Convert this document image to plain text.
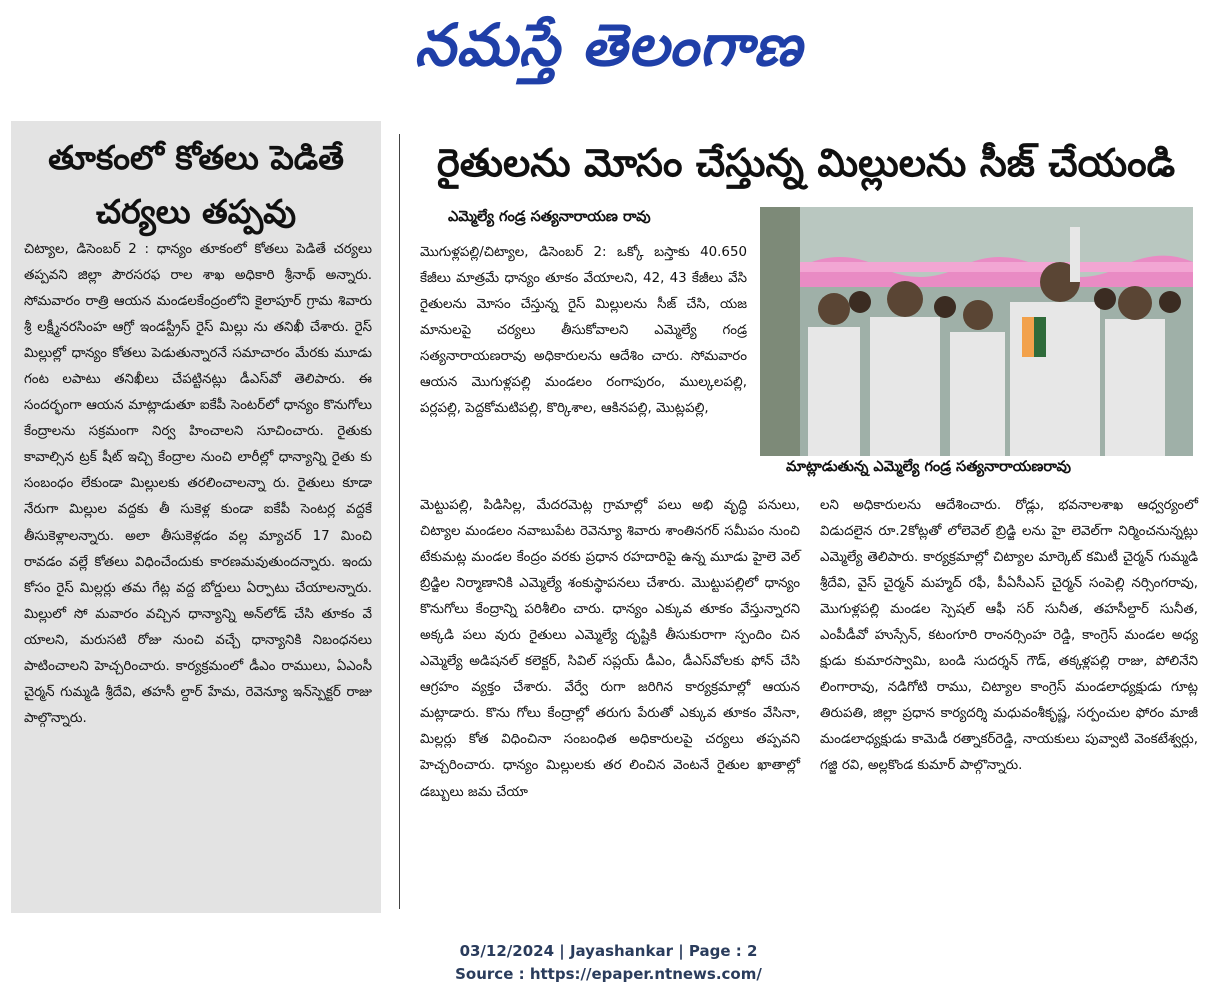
నమస్తే తెలంగాణ
తూకంలో కోతలు పెడితే చర్యలు తప్పవు
చిట్యాల, డిసెంబర్ 2 : ధాన్యం తూకంలో కోతలు పెడితే చర్యలు తప్పవని జిల్లా పౌరసరఫ రాల శాఖ అధికారి శ్రీనాథ్ అన్నారు. సోమవారం రాత్రి ఆయన మండలకేంద్రంలోని కైలాపూర్ గ్రామ శివారు శ్రీ లక్ష్మీనరసింహ ఆగ్రో ఇండస్ట్రీస్ రైస్ మిల్లు ను తనిఖీ చేశారు. రైస్ మిల్లుల్లో ధాన్యం కోతలు పెడుతున్నారనే సమాచారం మేరకు మూడు గంట లపాటు తనిఖీలు చేపట్టినట్లు డీఎస్‌వో తెలిపారు. ఈ సందర్భంగా ఆయన మాట్లాడుతూ ఐకేపీ సెంటర్‌లో ధాన్యం కొనుగోలు కేంద్రాలను సక్రమంగా నిర్వ హించాలని సూచించారు. రైతుకు కావాల్సిన ట్రక్ షీట్ ఇచ్చి కేంద్రాల నుంచి లారీల్లో ధాన్యాన్ని రైతు కు సంబంధం లేకుండా మిల్లులకు తరలించాలన్నా రు. రైతులు కూడా నేరుగా మిల్లుల వద్దకు తీ సుకెళ్ల కుండా ఐకేపీ సెంటర్ల వద్దకే తీసుకెళ్లాలన్నారు. అలా తీసుకెళ్లడం వల్ల మ్యాచర్ 17 మించి రావడం వల్లే కోతలు విధించేందుకు కారణమవుతుందన్నారు. ఇందు కోసం రైస్ మిల్లర్లు తమ గేట్ల వద్ద బోర్డులు ఏర్పాటు చేయాలన్నారు. మిల్లులో సో మవారం వచ్చిన ధాన్యాన్ని అన్‌లోడ్ చేసి తూకం వే యాలని, మరుసటి రోజు నుంచి వచ్చే ధాన్యానికి నిబంధనలు పాటించాలని హెచ్చరించారు. కార్యక్రమంలో డీఎం రాములు, ఏఎంసీ చైర్మన్ గుమ్మడి శ్రీదేవి, తహసీ ల్దార్ హేమ, రెవెన్యూ ఇన్‌స్పెక్టర్ రాజు పాల్గొన్నారు.
రైతులను మోసం చేస్తున్న మిల్లులను సీజ్ చేయండి
ఎమ్మెల్యే గండ్ర సత్యనారాయణ రావు
మొగుళ్లపల్లి/చిట్యాల, డిసెంబర్ 2: ఒక్కో బస్తాకు 40.650 కేజీలు మాత్రమే ధాన్యం తూకం వేయాలని, 42, 43 కేజీలు వేసి రైతులను మోసం చేస్తున్న రైస్ మిల్లులను సీజ్ చేసి, యజ మానులపై చర్యలు తీసుకోవాలని ఎమ్మెల్యే గండ్ర సత్యనారాయణరావు అధికారులను ఆదేశిం చారు. సోమవారం ఆయన మొగుళ్లపల్లి మండలం రంగాపురం, ముల్కలపల్లి, పర్లపల్లి, పెద్దకోమటిపల్లి, కొర్కిశాల, ఆకినపల్లి, మొట్లపల్లి,
మాట్లాడుతున్న ఎమ్మెల్యే గండ్ర సత్యనారాయణరావు
మెట్టుపల్లి, పిడిసిల్ల, మేదరమెట్ల గ్రామాల్లో పలు అభి వృద్ధి పనులు, చిట్యాల మండలం నవాబుపేట రెవెన్యూ శివారు శాంతినగర్ సమీపం నుంచి టేకుమట్ల మండల కేంద్రం వరకు ప్రధాన రహదారిపై ఉన్న మూడు హైలె వెల్ బ్రిడ్జిల నిర్మాణానికి ఎమ్మెల్యే శంకుస్థాపనలు చేశారు. మొట్టుపల్లిలో ధాన్యం కొనుగోలు కేంద్రాన్ని పరిశీలిం చారు. ధాన్యం ఎక్కువ తూకం వేస్తున్నారని అక్కడి పలు వురు రైతులు ఎమ్మెల్యే దృష్టికి తీసుకురాగా స్పందిం చిన ఎమ్మెల్యే అడిషనల్ కలెక్టర్, సివిల్ సప్లయ్ డీఎం, డీఎస్‌వోలకు ఫోన్ చేసి ఆగ్రహం వ్యక్తం చేశారు. వేర్వే రుగా జరిగిన కార్యక్రమాల్లో ఆయన మట్లాడారు. కొను గోలు కేంద్రాల్లో తరుగు పేరుతో ఎక్కువ తూకం వేసినా, మిల్లర్లు కోత విధించినా సంబంధిత అధికారులపై చర్యలు తప్పవని హెచ్చరించారు. ధాన్యం మిల్లులకు తర లించిన వెంటనే రైతుల ఖాతాల్లో డబ్బులు జమ చేయా
లని అధికారులను ఆదేశించారు. రోడ్లు, భవనాలశాఖ ఆధ్వర్యంలో విడుదలైన రూ.2కోట్లతో లోలెవెల్ బ్రిడ్జి లను హై లెవెల్‌గా నిర్మించనున్నట్లు ఎమ్మెల్యే తెలిపారు. కార్యక్రమాల్లో చిట్యాల మార్కెట్ కమిటీ చైర్మన్ గుమ్మడి శ్రీదేవి, వైస్ చైర్మన్ మహ్మద్ రఫీ, పీఏసీఎస్ చైర్మన్ సంపెల్లి నర్సింగరావు, మొగుళ్లపల్లి మండల స్పెషల్ ఆఫీ సర్ సునీత, తహసీల్దార్ సునీత, ఎంపీడీవో హుస్సేన్, కటంగూరి రాంనర్సింహ రెడ్డి, కాంగ్రెస్ మండల అధ్య క్షుడు కుమారస్వామి, బండి సుదర్శన్ గౌడ్, తక్కళ్లపల్లి రాజు, పోలినేని లింగారావు, నడిగోటి రాము, చిట్యాల కాంగ్రెస్ మండలాధ్యక్షుడు గూట్ల తిరుపతి, జిల్లా ప్రధాన కార్యదర్శి మధువంశీకృష్ణ, సర్పంచుల ఫోరం మాజీ మండలాధ్యక్షుడు కామెడీ రత్నాకర్‌రెడ్డి, నాయకులు పువ్వాటి వెంకటేశ్వర్లు, గజ్జి రవి, అల్లకొండ కుమార్ పాల్గొన్నారు.
03/12/2024 | Jayashankar | Page : 2
Source : https://epaper.ntnews.com/
